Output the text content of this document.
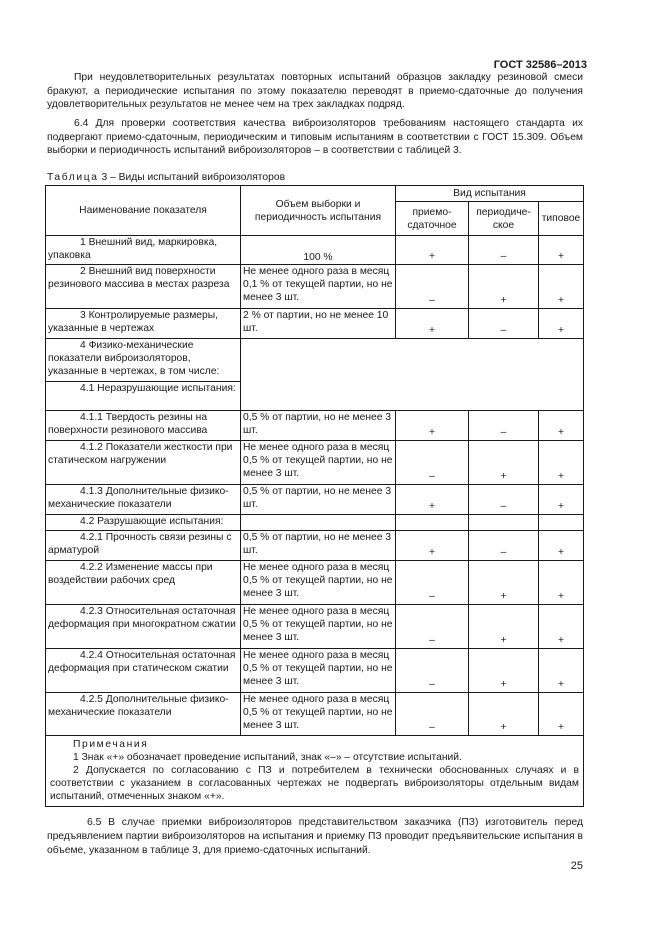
ГОСТ 32586–2013

При неудовлетворительных результатах повторных испытаний образцов закладку резиновой смеси бракуют, а периодические испытания по этому показателю переводят в приемо-сдаточные до получения удовлетворительных результатов не менее чем на трех закладках подряд.

6.4 Для проверки соответствия качества виброизоляторов требованиям настоящего стандарта их подвергают приемо-сдаточным, периодическим и типовым испытаниям в соответствии с ГОСТ 15.309. Объем выборки и периодичность испытаний виброизоляторов – в соответствии с таблицей 3.

Таблица 3 – Виды испытаний виброизоляторов
Наименование показателя	Объем выборки и периодичность испытания	Вид испытания		
		приемо-сдаточное	периодиче-ское	типовое
1 Внешний вид, маркировка, упаковка	100 %	+	–	+
2 Внешний вид поверхности резинового массива в местах разреза	Не менее одного раза в месяц 0,1 % от текущей партии, но не менее 3 шт.	–	+	+
3 Контролируемые размеры, указанные в чертежах	2 % от партии, но не менее 10 шт.	+	–	+
4 Физико-механические показатели виброизоляторов, указанные в чертежах, в том числе:				
4.1 Неразрушающие испытания:				
4.1.1 Твердость резины на поверхности резинового массива	0,5 % от партии, но не менее 3 шт.	+	–	+
4.1.2 Показатели жесткости при статическом нагружении	Не менее одного раза в месяц 0,5 % от текущей партии, но не менее 3 шт.	–	+	+
4.1.3 Дополнительные физико-механические показатели	0,5 % от партии, но не менее 3 шт.	+	–	+
4.2 Разрушающие испытания:				
4.2.1 Прочность связи резины с арматурой	0,5 % от партии, но не менее 3 шт.	+	–	+
4.2.2 Изменение массы при воздействии рабочих сред	Не менее одного раза в месяц 0,5 % от текущей партии, но не менее 3 шт.	–	+	+
4.2.3 Относительная остаточная деформация при многократном сжатии	Не менее одного раза в месяц 0,5 % от текущей партии, но не менее 3 шт.	–	+	+
4.2.4 Относительная остаточная деформация при статическом сжатии	Не менее одного раза в месяц 0,5 % от текущей партии, но не менее 3 шт.	–	+	+
4.2.5 Дополнительные физико-механические показатели	Не менее одного раза в месяц 0,5 % от текущей партии, но не менее 3 шт.	–	+	+

Примечания
1 Знак «+» обозначает проведение испытаний, знак «–» – отсутствие испытаний.
2 Допускается по согласованию с ПЗ и потребителем в технически обоснованных случаях и в соответствии с указанием в согласованных чертежах не подвергать виброизоляторы отдельным видам испытаний, отмеченных знаком «+».				

6.5 В случае приемки виброизоляторов представительством заказчика (ПЗ) изготовитель перед предъявлением партии виброизоляторов на испытания и приемку ПЗ проводит предъявительские испытания в объеме, указанном в таблице 3, для приемо-сдаточных испытаний.

25
